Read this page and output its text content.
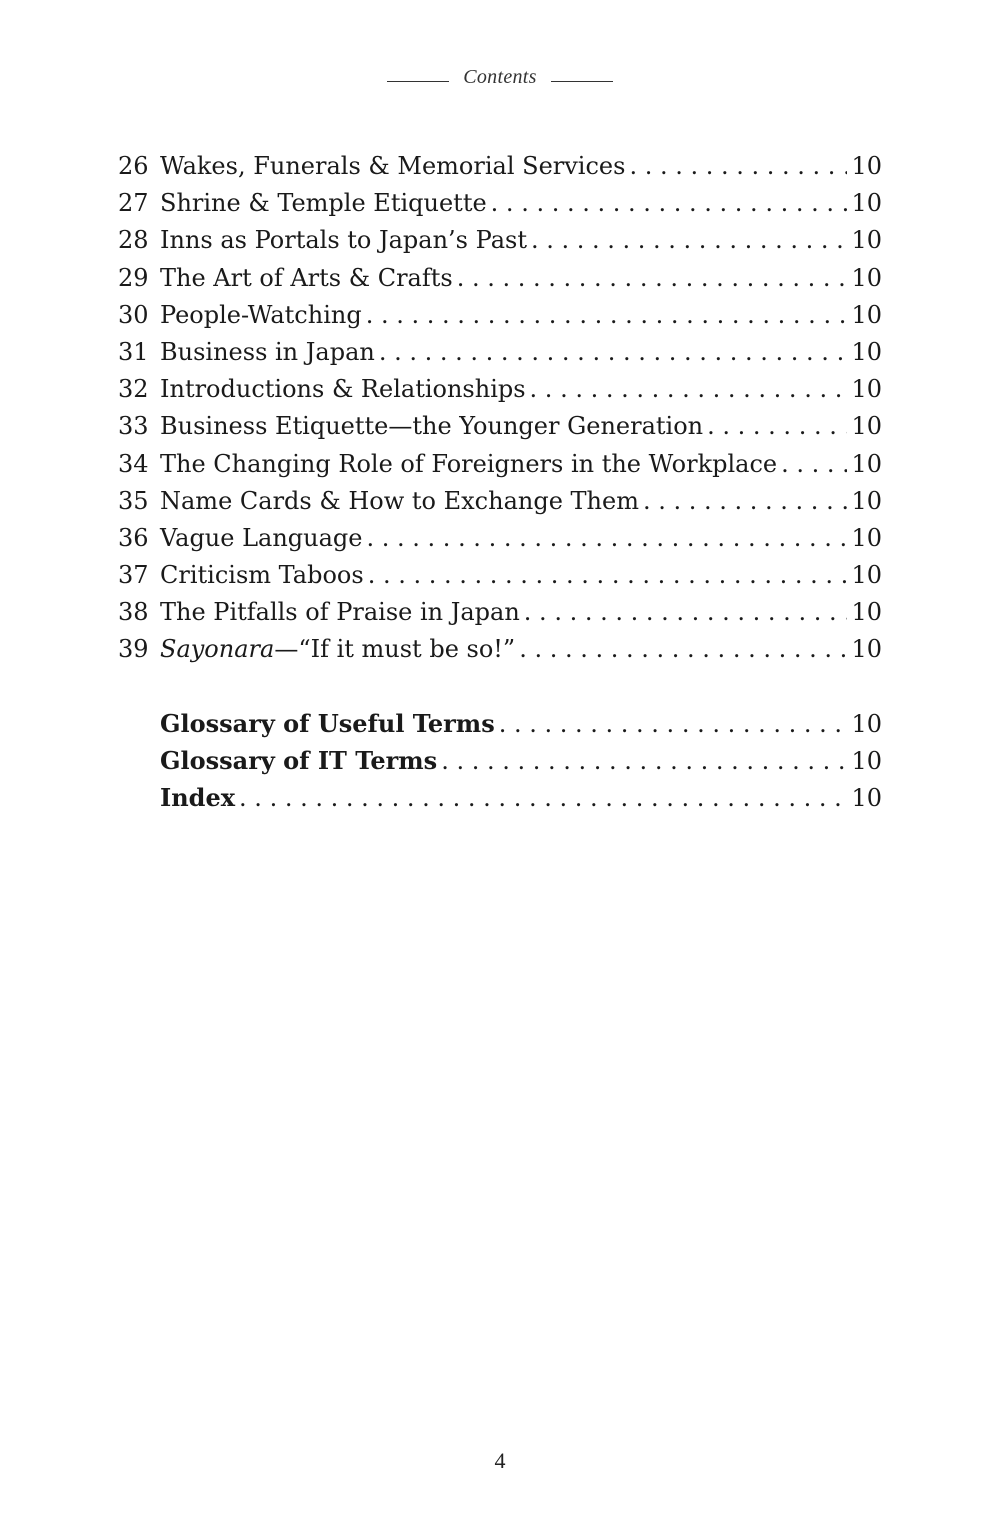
Contents
26 Wakes, Funerals & Memorial Services . . .	10
27 Shrine & Temple Etiquette . . .	10
28 Inns as Portals to Japan’s Past . . .	10
29 The Art of Arts & Crafts . . .	10
30 People-Watching . . .	10
31 Business in Japan . . .	10
32 Introductions & Relationships . . .	10
33 Business Etiquette—the Younger Generation . . .	10
34 The Changing Role of Foreigners in the Workplace . . .	10
35 Name Cards & How to Exchange Them . . .	10
36 Vague Language . . .	10
37 Criticism Taboos . . .	10
38 The Pitfalls of Praise in Japan . . .	10
39 Sayonara—“If it must be so!” . . .	10
Glossary of Useful Terms . . .	10
Glossary of IT Terms . . .	10
Index . . .	10
4
